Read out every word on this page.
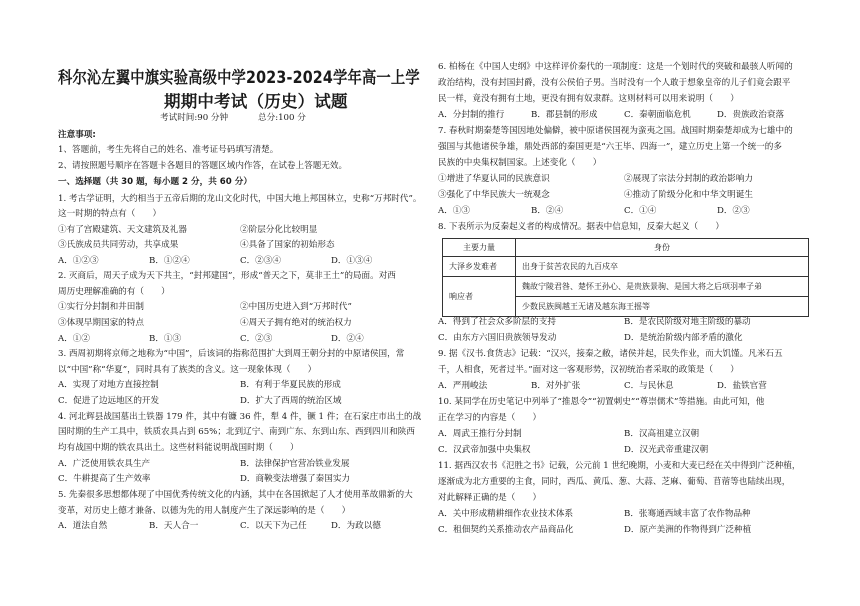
科尔沁左翼中旗实验高级中学2023-2024学年高一上学
期期中考试（历史）试题
考试时间:90 分钟	总分:100 分
注意事项:
1、答题前，考生先将自己的姓名、准考证号码填写清楚。
2、请按照题号顺序在答题卡各题目的答题区域内作答，在试卷上答题无效。
一、选择题（共 30 题，每小题 2 分，共 60 分）
1. 考古学证明，大约相当于五帝后期的龙山文化时代，中国大地上邦国林立，史称“万邦时代”。
这一时期的特点有（　　）
①有了宫殿建筑、天文建筑及礼器	②阶层分化比较明显
③氏族成员共同劳动，共享成果	④具备了国家的初始形态
A．①②③	B．①②④	C．②③④	D．①③④
2. 灭商后，周天子成为天下共主，“封邦建国”，形成“普天之下，莫非王土”的局面。对西
周历史理解准确的有（　　）
①实行分封制和井田制	②中国历史进入到“万邦时代”
③体现早期国家的特点	④周天子拥有绝对的统治权力
A．①②	B．①③	C．②③	D．②④
3. 西周初期将京师之地称为“中国”，后该词的指称范围扩大到周王朝分封的中原诸侯国，常
以“中国”称“华夏”，同时具有了族类的含义。这一现象体现（　　）
A．实现了对地方直接控制	B．有利于华夏民族的形成
C．促进了边远地区的开发	D．扩大了西周的统治区域
4. 河北辉县战国墓出土铁器 179 件，其中有镰 36 件，犁 4 件，镢 1 件；在石家庄市出土的战
国时期的生产工具中，铁质农具占到 65%；北到辽宁、南到广东、东到山东、西到四川和陕西
均有战国中期的铁农具出土。这些材料能说明战国时期（　　）
A．广泛使用铁农具生产	B．法律保护官营冶铁业发展
C．牛耕提高了生产效率	D．商鞅变法增强了秦国实力
5. 先秦很多思想都体现了中国优秀传统文化的内涵，其中在各国掀起了人才使用革故鼎新的大
变革，对历史上德才兼备、以德为先的用人制度产生了深远影响的是（　　）
A．道法自然	B．天人合一	C．以天下为己任	D．为政以德
6. 柏杨在《中国人史纲》中这样评价秦代的一项制度：这是一个划时代的突破和最骇人听闻的
政治结构，没有封国封爵，没有公侯伯子男。当时没有一个人敢于想象皇帝的儿子们竟会跟平
民一样，竟没有拥有土地，更没有拥有奴隶群。这则材料可以用来说明（　　）
A．分封制的推行	B．郡县制的形成	C．秦朝面临危机	D．贵族政治衰落
7. 春秋时期秦楚等国因地处偏僻，被中原诸侯国视为蛮夷之国。战国时期秦楚却成为七雄中的
强国与其他诸侯争雄，鼎处西部的秦国更是“六王毕、四海一”，建立历史上第一个统一的多
民族的中央集权制国家。上述变化（　　）
①增进了华夏认同的民族意识	②展现了宗法分封制的政治影响力
③强化了中华民族大一统观念	④推动了阶级分化和中华文明诞生
A．①③	B．②④	C．①④	D．②③
8. 下表所示为反秦起义者的构成情况。据表中信息知，反秦大起义（　　）
主要力量	身份
大泽乡发难者	出身于贫苦农民的九百戍卒
响应者	魏故宁陵君咎、楚怀王孙心、是贵族景驹、是国大将之后项羽率子弟
	少数民族闽越王无诸及越东海王摇等
A．得到了社会众多阶层的支持	B．是农民阶级对地主阶级的暴动
C．由东方六国旧贵族领导发动	D．是统治阶级内部矛盾的激化
9. 据《汉书.食货志》记载：“汉兴，接秦之敝，诸侯并起，民失作业，而大饥馑。凡米石五
千，人相食，死者过半。”面对这一客观形势，汉初统治者采取的政策是（　　）
A．严刑峻法	B．对外扩张	C．与民休息	D．盐铁官营
10. 某同学在历史笔记中列举了“推恩令”“初置刺史”“尊崇儒术”等措施。由此可知，他
正在学习的内容是（　　）
A．周武王推行分封制	B．汉高祖建立汉朝
C．汉武帝加强中央集权	D．汉光武帝重建汉朝
11. 据西汉农书《氾胜之书》记载，公元前 1 世纪晚期，小麦和大麦已经在关中得到广泛种植，
逐渐成为北方重要的主食，同时，西瓜、黄瓜、葱、大蒜、芝麻、葡萄、苜蓿等也陆续出现，
对此解释正确的是（　　）
A．关中形成精耕细作农业技术体系	B．张骞通西域丰富了农作物品种
C．租佃契约关系推动农产品商品化	D．原产美洲的作物得到广泛种植
